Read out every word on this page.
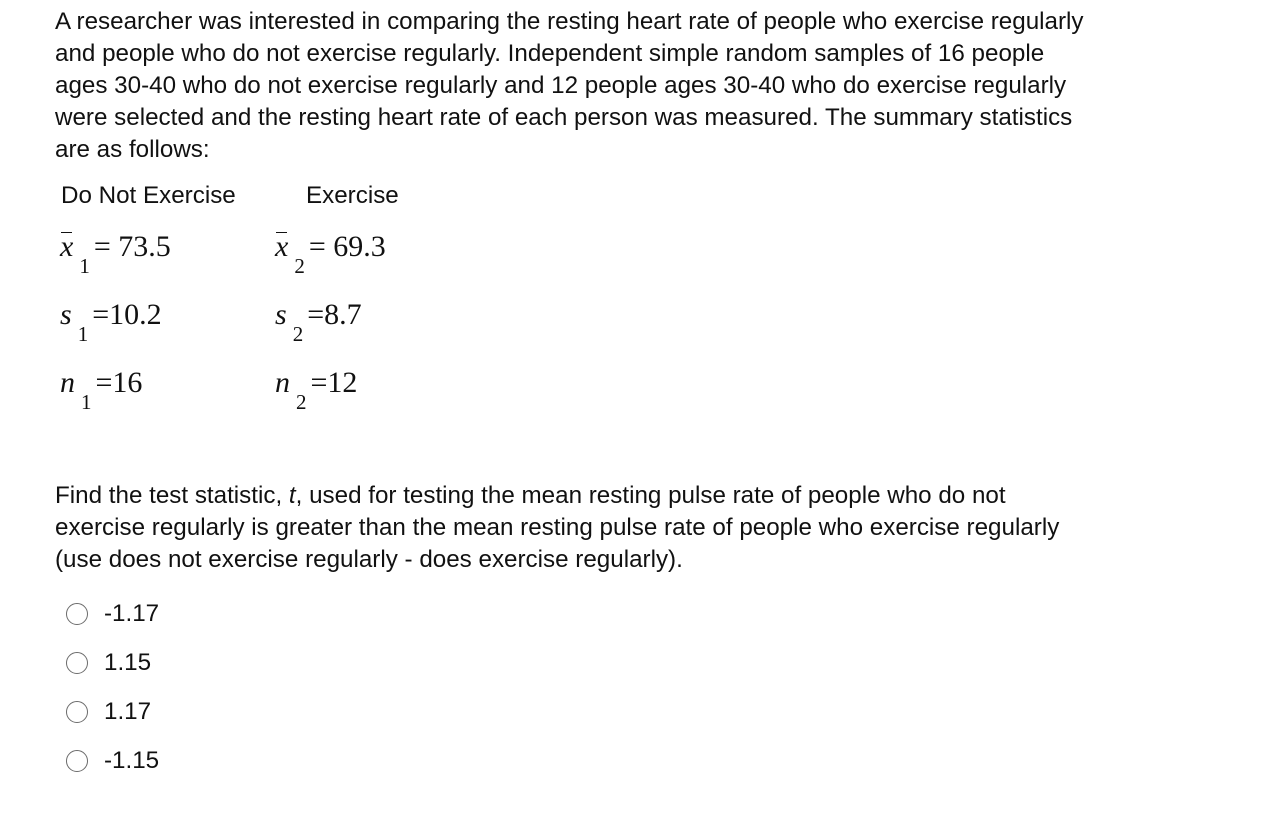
A researcher was interested in comparing the resting heart rate of people who exercise regularly
and people who do not exercise regularly. Independent simple random samples of 16 people
ages 30-40 who do not exercise regularly and 12 people ages 30-40 who do exercise regularly
were selected and the resting heart rate of each person was measured. The summary statistics
are as follows:

Do Not Exercise

x1= 73.5
s1=10.2
n1=16

Exercise

x2= 69.3
s2=8.7
n2=12

Find the test statistic, t, used for testing the mean resting pulse rate of people who do not
exercise regularly is greater than the mean resting pulse rate of people who exercise regularly
(use does not exercise regularly - does exercise regularly).

-1.17
1.15
1.17
-1.15
